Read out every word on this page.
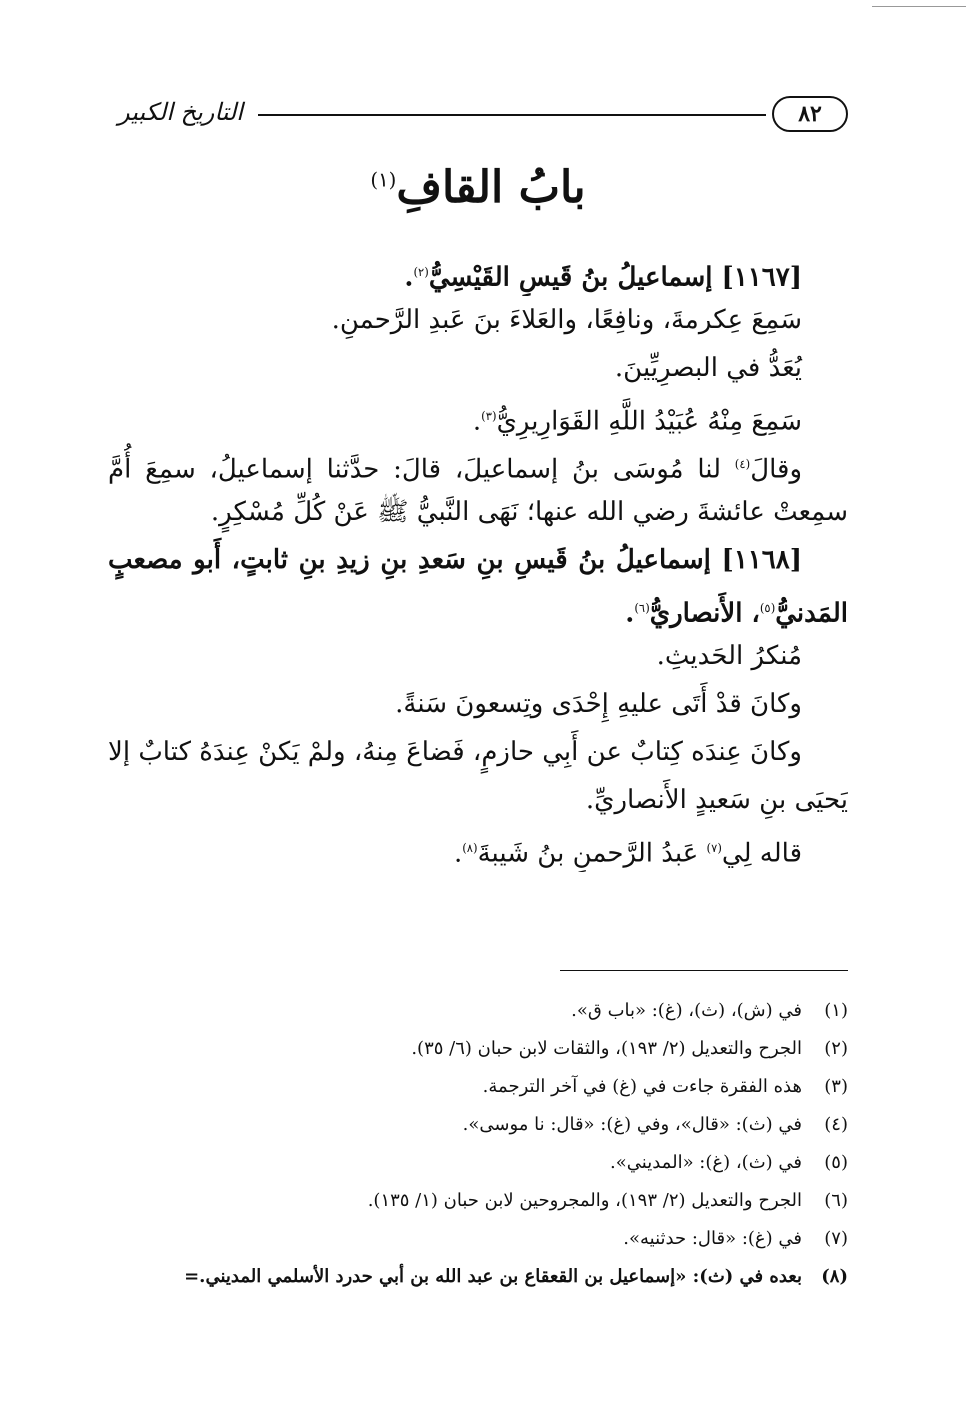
٨٢
التاريخ الكبير
بابُ القافِ$^{(١)}$
[١١٦٧] إسماعيلُ بنُ قَيسٍ القَيْسِيُّ$^{(٢)}$.
سَمِعَ عِكرمةَ، ونافِعًا، والعَلاءَ بنَ عَبدِ الرَّحمنِ.
يُعَدُّ في البصرِيِّينَ.
سَمِعَ مِنْهُ عُبَيْدُ اللَّهِ القَوَارِيرِيُّ$^{(٣)}$.
وقالَ$^{(٤)}$ لنا مُوسَى بنُ إسماعيلَ، قالَ: حدَّثنا إسماعيلُ، سمِعَ أُمَّ
سمِعتْ عائشةَ رضي الله عنها؛ نَهَى النَّبيُّ ﷺ عَنْ كُلِّ مُسْكِرٍ.
[١١٦٨] إسماعيلُ بنُ قَيسِ بنِ سَعدِ بنِ زيدِ بنِ ثابتٍ، أَبو مصعبٍ
المَدنيُّ$^{(٥)}$، الأَنصاريُّ$^{(٦)}$.
مُنكرُ الحَديثِ.
وكانَ قدْ أَتَى عليهِ إِحْدَى وتِسعونَ سَنةً.
وكانَ عِندَه كِتابٌ عن أَبِي حازمٍ، فَضاعَ مِنهُ، ولمْ يَكنْ عِندَهُ كتابٌ إلا
يَحيَى بنِ سَعيدٍ الأَنصاريِّ.
قاله لِي$^{(٧)}$ عَبدُ الرَّحمنِ بنُ شَيبةَ$^{(٨)}$.
(١)في (ش)، (ث)، (غ): «باب ق».
(٢)الجرح والتعديل (٢/ ١٩٣)، والثقات لابن حبان (٦/ ٣٥).
(٣)هذه الفقرة جاءت في (غ) في آخر الترجمة.
(٤)في (ث): «قال»، وفي (غ): «قال: نا موسى».
(٥)في (ث)، (غ): «المديني».
(٦)الجرح والتعديل (٢/ ١٩٣)، والمجروحين لابن حبان (١/ ١٣٥).
(٧)في (غ): «قال: حدثنيه».
(٨)بعده في (ث): «إسماعيل بن القعقاع بن عبد الله بن أبي حدرد الأسلمي المديني.=
